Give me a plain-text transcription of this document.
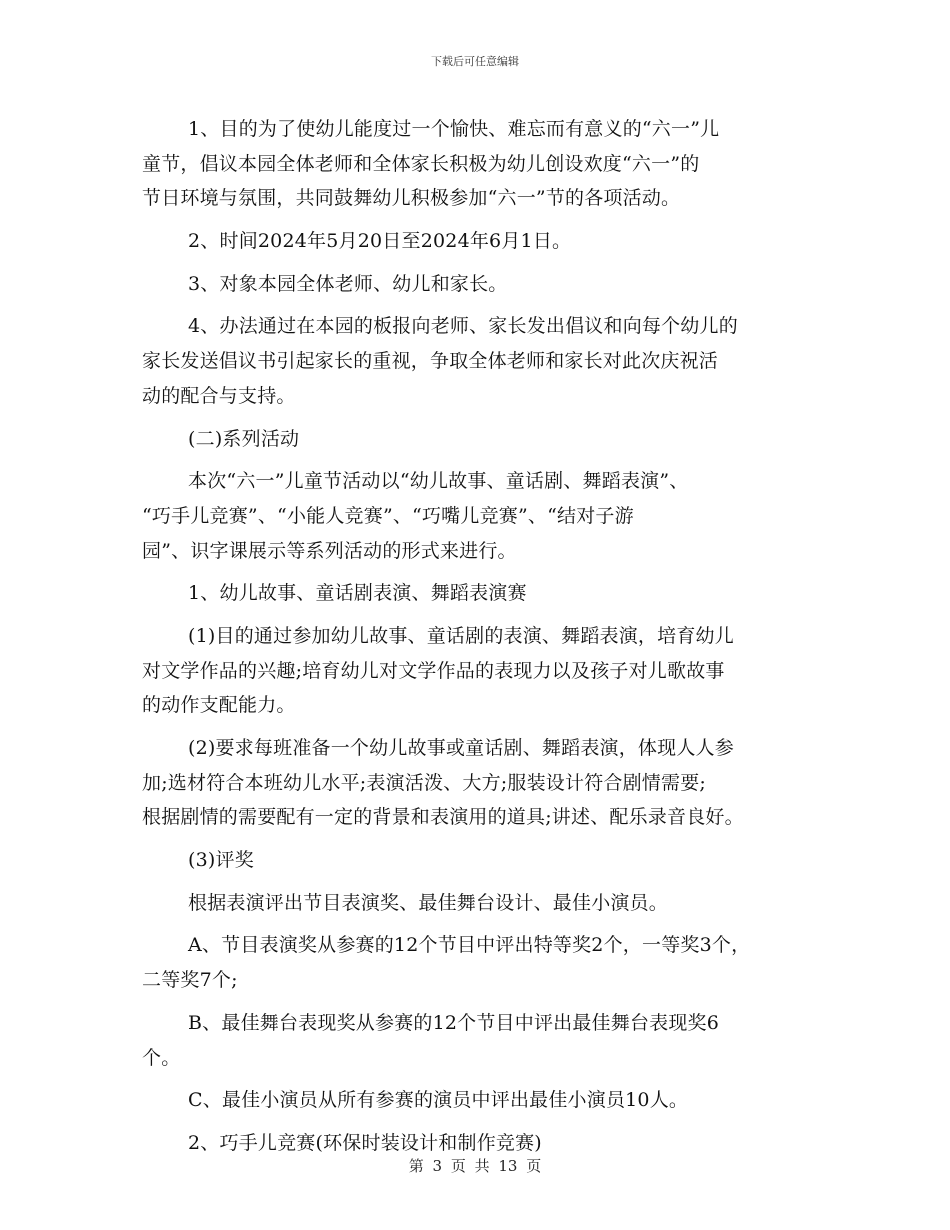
下载后可任意编辑
1、目的为了使幼儿能度过一个愉快、难忘而有意义的“六一”儿
童节，倡议本园全体老师和全体家长积极为幼儿创设欢度“六一”的
节日环境与氛围，共同鼓舞幼儿积极参加“六一”节的各项活动。
2、时间2024年5月20日至2024年6月1日。
3、对象本园全体老师、幼儿和家长。
4、办法通过在本园的板报向老师、家长发出倡议和向每个幼儿的
家长发送倡议书引起家长的重视，争取全体老师和家长对此次庆祝活
动的配合与支持。
(二)系列活动
本次“六一”儿童节活动以“幼儿故事、童话剧、舞蹈表演”、
“巧手儿竞赛”、“小能人竞赛”、“巧嘴儿竞赛”、“结对子游
园”、识字课展示等系列活动的形式来进行。
1、幼儿故事、童话剧表演、舞蹈表演赛
(1)目的通过参加幼儿故事、童话剧的表演、舞蹈表演，培育幼儿
对文学作品的兴趣;培育幼儿对文学作品的表现力以及孩子对儿歌故事
的动作支配能力。
(2)要求每班准备一个幼儿故事或童话剧、舞蹈表演，体现人人参
加;选材符合本班幼儿水平;表演活泼、大方;服装设计符合剧情需要;
根据剧情的需要配有一定的背景和表演用的道具;讲述、配乐录音良好。
(3)评奖
根据表演评出节目表演奖、最佳舞台设计、最佳小演员。
A、节目表演奖从参赛的12个节目中评出特等奖2个，一等奖3个，
二等奖7个;
B、最佳舞台表现奖从参赛的12个节目中评出最佳舞台表现奖6
个。
C、最佳小演员从所有参赛的演员中评出最佳小演员10人。
2、巧手儿竞赛(环保时装设计和制作竞赛)
第 3 页 共 13 页
